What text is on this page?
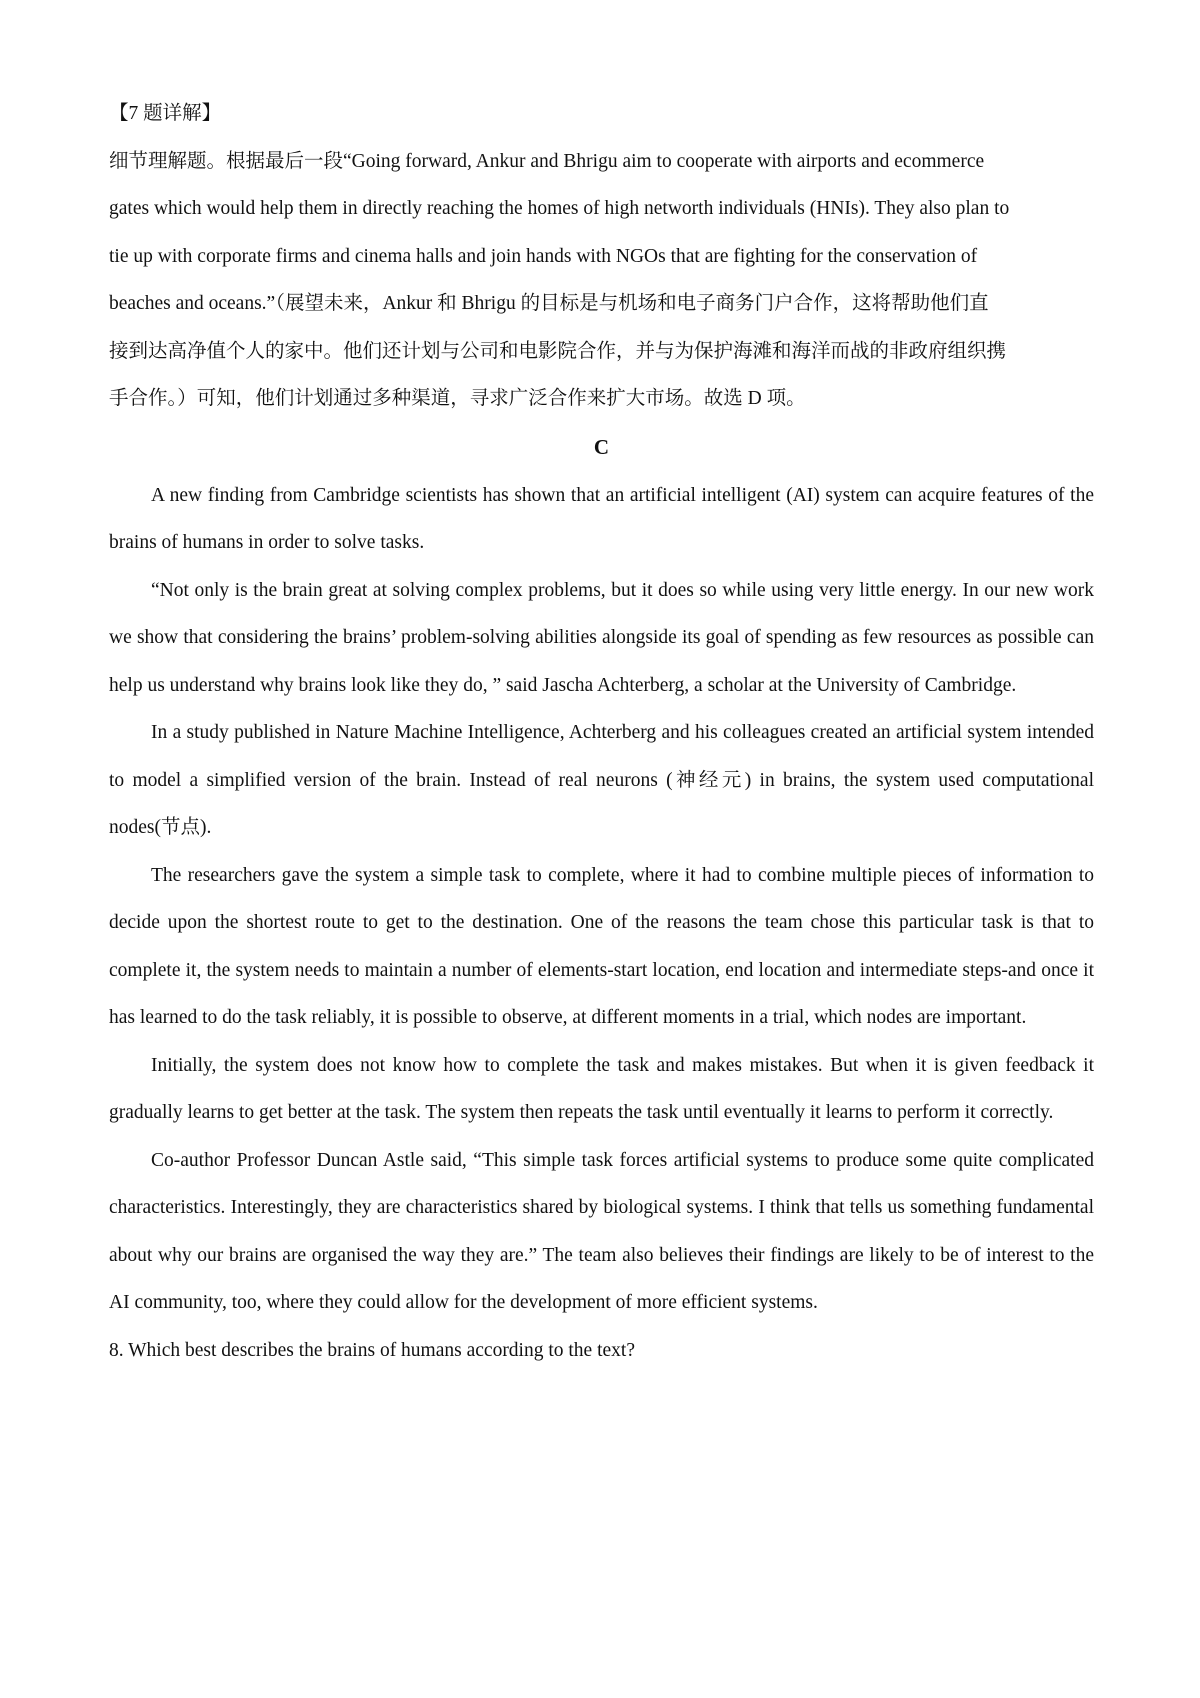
【7 题详解】

细节理解题。根据最后一段“Going forward, Ankur and Bhrigu aim to cooperate with airports and ecommerce

gates which would help them in directly reaching the homes of high networth individuals (HNIs). They also plan to

tie up with corporate firms and cinema halls and join hands with NGOs that are fighting for the conservation of

beaches and oceans.”（展望未来，Ankur 和 Bhrigu 的目标是与机场和电子商务门户合作，这将帮助他们直

接到达高净值个人的家中。他们还计划与公司和电影院合作，并与为保护海滩和海洋而战的非政府组织携

手合作。）可知，他们计划通过多种渠道，寻求广泛合作来扩大市场。故选 D 项。

C

A new finding from Cambridge scientists has shown that an artificial intelligent (AI) system can acquire features of the brains of humans in order to solve tasks.

“Not only is the brain great at solving complex problems, but it does so while using very little energy. In our new work we show that considering the brains’ problem-solving abilities alongside its goal of spending as few resources as possible can help us understand why brains look like they do, ” said Jascha Achterberg, a scholar at the University of Cambridge.

In a study published in Nature Machine Intelligence, Achterberg and his colleagues created an artificial system intended to model a simplified version of the brain. Instead of real neurons (神经元) in brains, the system used computational nodes(节点).

The researchers gave the system a simple task to complete, where it had to combine multiple pieces of information to decide upon the shortest route to get to the destination. One of the reasons the team chose this particular task is that to complete it, the system needs to maintain a number of elements-start location, end location and intermediate steps-and once it has learned to do the task reliably, it is possible to observe, at different moments in a trial, which nodes are important.

Initially, the system does not know how to complete the task and makes mistakes. But when it is given feedback it gradually learns to get better at the task. The system then repeats the task until eventually it learns to perform it correctly.

Co-author Professor Duncan Astle said, “This simple task forces artificial systems to produce some quite complicated characteristics. Interestingly, they are characteristics shared by biological systems. I think that tells us something fundamental about why our brains are organised the way they are.” The team also believes their findings are likely to be of interest to the AI community, too, where they could allow for the development of more efficient systems.

8. Which best describes the brains of humans according to the text?
